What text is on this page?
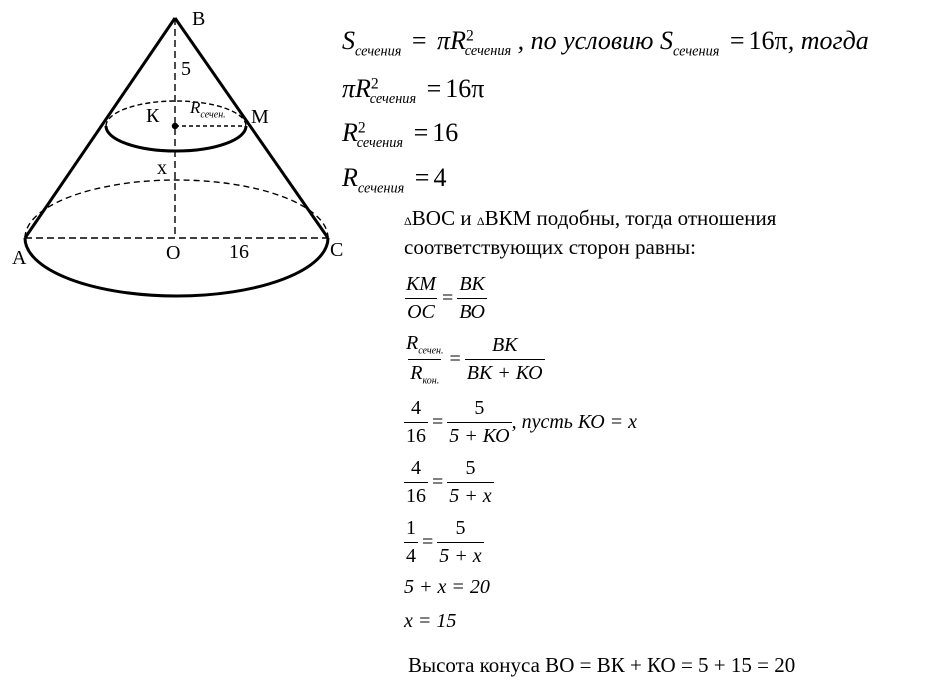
B
5
К	M
$R_{сечен.}$
x
A	O 16	C
$S_{сечения} = \pi R^2_{сечения}$ , по условию $S_{сечения} = 16\pi$, тогда
$\pi R^2_{сечения} = 16\pi$
$R^2_{сечения} = 16$
$R_{сечения} = 4$
ΔВОС и ΔВКМ подобны, тогда отношения
соответствующих сторон равны:
$\frac{КМ}{ОС} = \frac{ВК}{ВО}$
$\frac{R_{сечен.}}{R_{кон.}} = \frac{ВК}{ВК + КО}$
$\frac{4}{16} = \frac{5}{5 + КО}$ , пусть КО = x
$\frac{4}{16} = \frac{5}{5 + x}$
$\frac{1}{4} = \frac{5}{5 + x}$
5 + x = 20
x = 15
Высота конуса ВО = ВК + КО = 5 + 15 = 20
